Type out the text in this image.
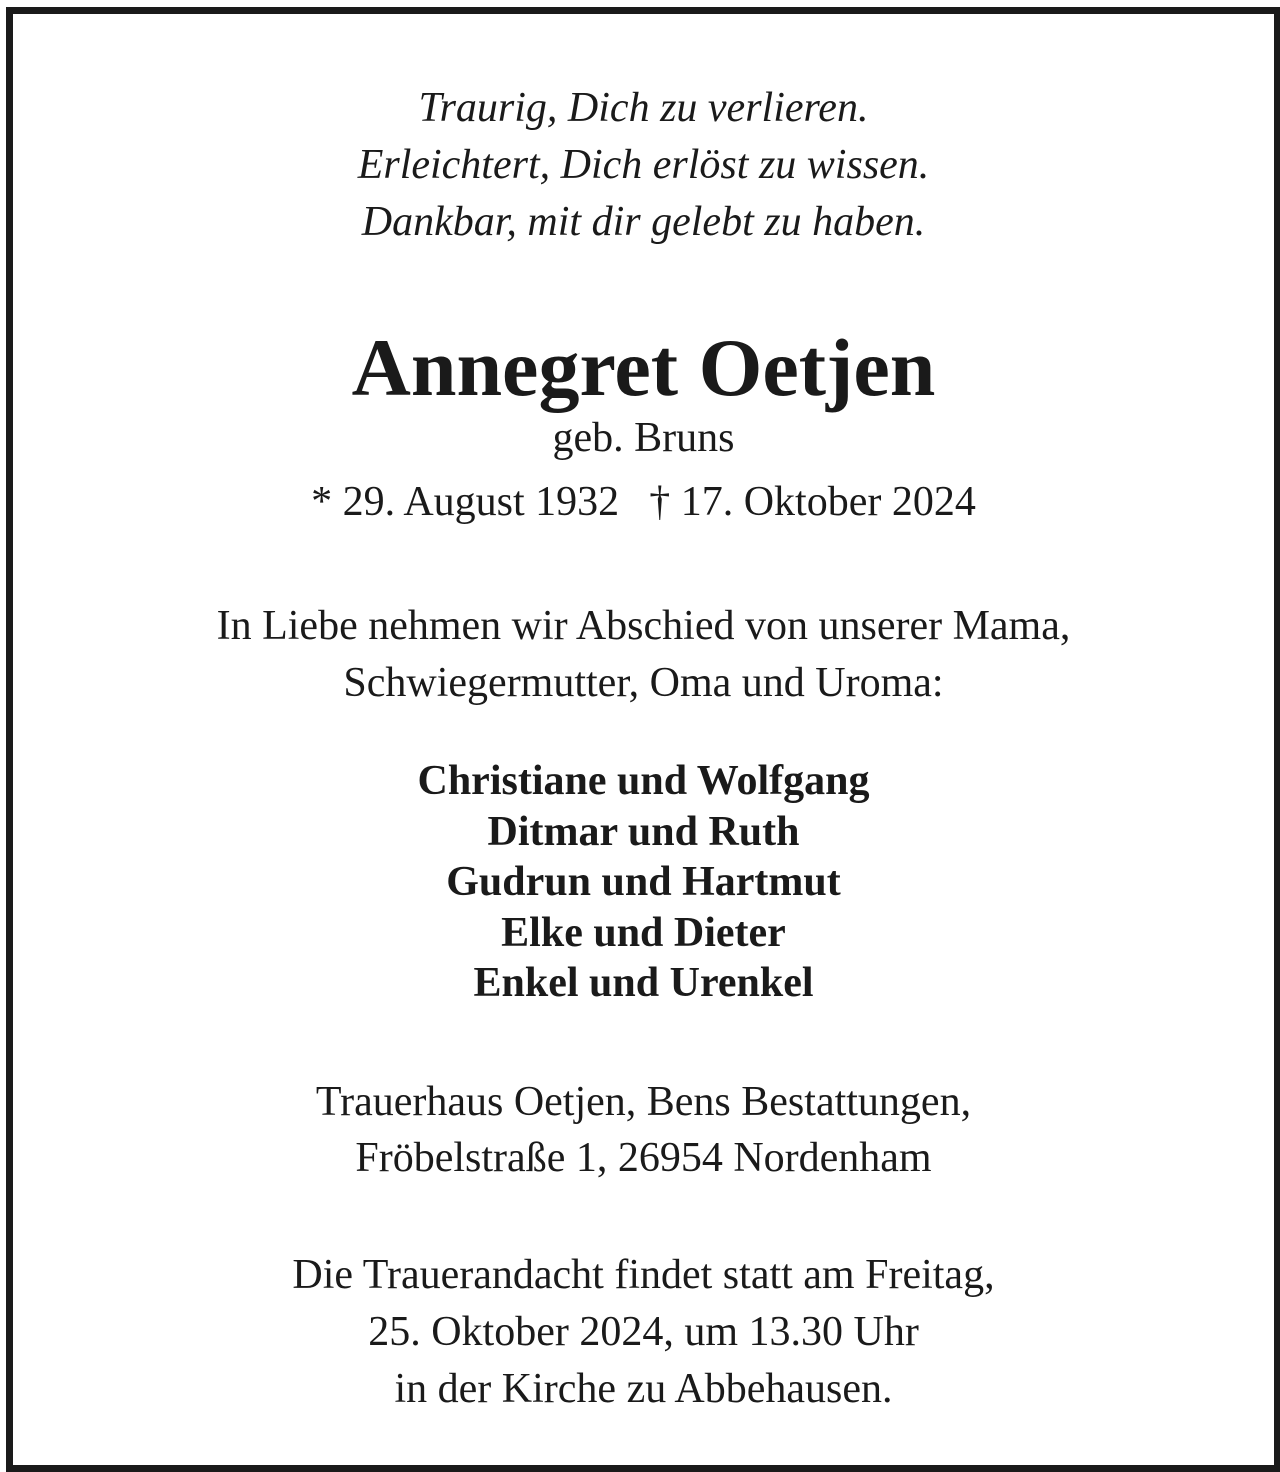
Traurig, Dich zu verlieren.
Erleichtert, Dich erlöst zu wissen.
Dankbar, mit dir gelebt zu haben.
Annegret Oetjen
geb. Bruns
* 29. August 1932 † 17. Oktober 2024
In Liebe nehmen wir Abschied von unserer Mama,
Schwiegermutter, Oma und Uroma:
Christiane und Wolfgang
Ditmar und Ruth
Gudrun und Hartmut
Elke und Dieter
Enkel und Urenkel
Trauerhaus Oetjen, Bens Bestattungen,
Fröbelstraße 1, 26954 Nordenham
Die Trauerandacht findet statt am Freitag,
25. Oktober 2024, um 13.30 Uhr
in der Kirche zu Abbehausen.
